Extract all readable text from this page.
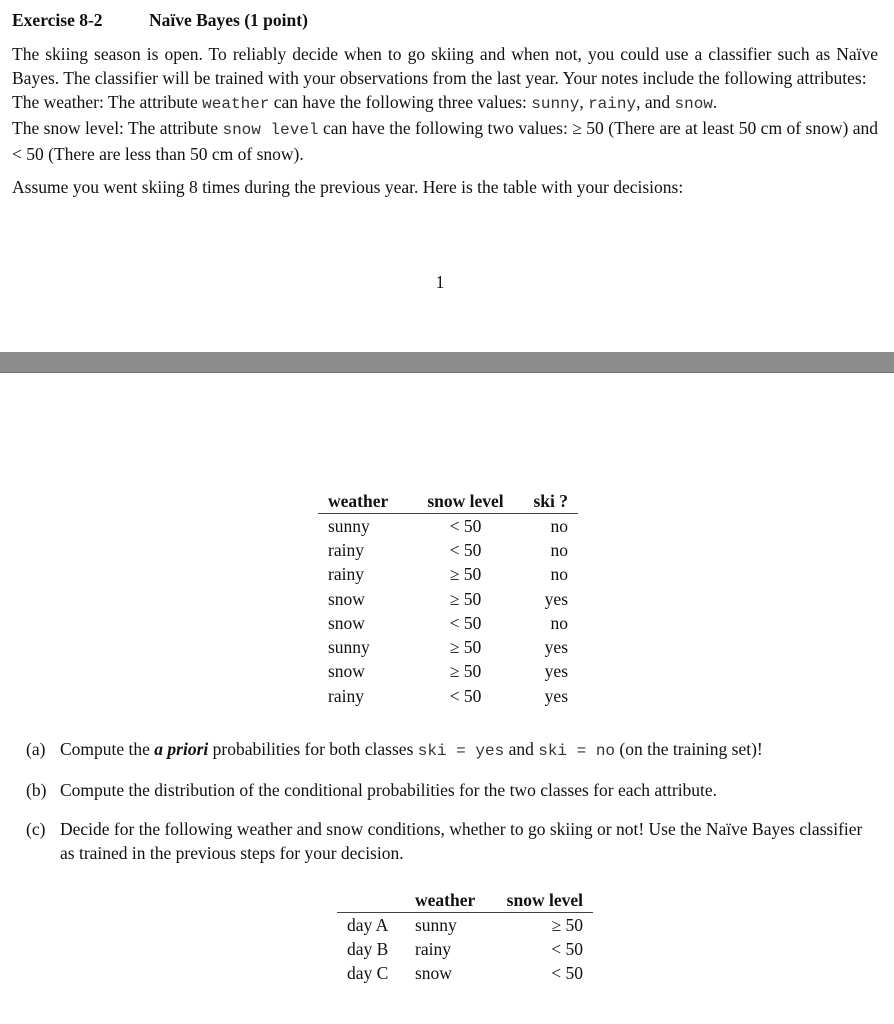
Exercise 8-2	Naïve Bayes (1 point)

The skiing season is open. To reliably decide when to go skiing and when not, you could use a classifier such as Naïve Bayes. The classifier will be trained with your observations from the last year. Your notes include the following attributes:

The weather: The attribute weather can have the following three values: sunny, rainy, and snow.

The snow level: The attribute snow level can have the following two values: ≥ 50 (There are at least 50 cm of snow) and < 50 (There are less than 50 cm of snow).

Assume you went skiing 8 times during the previous year. Here is the table with your decisions:

1
weather	snow level	ski ?
sunny	< 50	no
rainy	< 50	no
rainy	≥ 50	no
snow	≥ 50	yes
snow	< 50	no
sunny	≥ 50	yes
snow	≥ 50	yes
rainy	< 50	yes
(a) Compute the a priori probabilities for both classes ski = yes and ski = no (on the training set)!
(b) Compute the distribution of the conditional probabilities for the two classes for each attribute.
(c) Decide for the following weather and snow conditions, whether to go skiing or not! Use the Naïve Bayes classifier as trained in the previous steps for your decision.
	weather	snow level
day A	sunny	≥ 50
day B	rainy	< 50
day C	snow	< 50
